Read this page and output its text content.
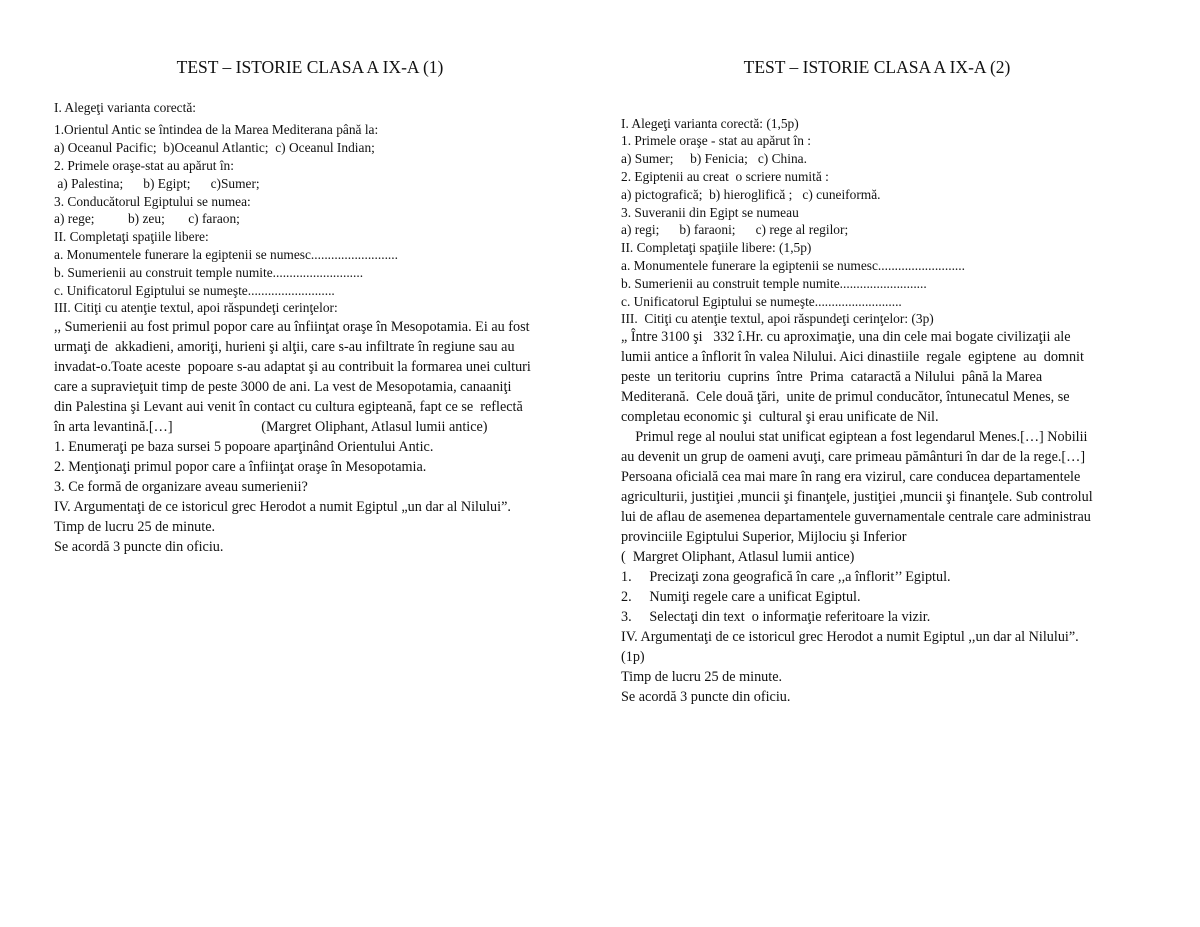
TEST – ISTORIE CLASA A IX-A (1)
I. Alegeţi varianta corectă:
1.Orientul Antic se întindea de la Marea Mediterana până la:
a) Oceanul Pacific;  b)Oceanul Atlantic;  c) Oceanul Indian;
2. Primele oraşe-stat au apărut în:
a) Palestina;      b) Egipt;      c)Sumer;
3. Conducătorul Egiptului se numea:
a) rege;          b) zeu;       c) faraon;
II. Completaţi spaţiile libere:
a. Monumentele funerare la egiptenii se numesc..........................
b. Sumerienii au construit temple numite...........................
c. Unificatorul Egiptului se numeşte..........................
III. Citiţi cu atenţie textul, apoi răspundeţi cerinţelor:
,, Sumerienii au fost primul popor care au înfiinţat oraşe în Mesopotamia. Ei au fost
urmaţi de  akkadieni, amoriţi, hurieni şi alţii, care s-au infiltrate în regiune sau au
invadat-o.Toate aceste  popoare s-au adaptat şi au contribuit la formarea unei culturi
care a supravieţuit timp de peste 3000 de ani. La vest de Mesopotamia, canaaniţi
din Palestina şi Levant aui venit în contact cu cultura egipteană, fapt ce se  reflectă
în arta levantină.[…]                         (Margret Oliphant, Atlasul lumii antice)
1. Enumeraţi pe baza sursei 5 popoare aparţinând Orientului Antic.
2. Menţionaţi primul popor care a înfiinţat oraşe în Mesopotamia.
3. Ce formă de organizare aveau sumerienii?
IV. Argumentaţi de ce istoricul grec Herodot a numit Egiptul „un dar al Nilului”.
Timp de lucru 25 de minute.
Se acordă 3 puncte din oficiu.
TEST – ISTORIE CLASA A IX-A (2)
I. Alegeţi varianta corectă: (1,5p)
1. Primele oraşe - stat au apărut în :
a) Sumer;     b) Fenicia;   c) China.
2. Egiptenii au creat  o scriere numită :
a) pictografică;  b) hieroglifică ;   c) cuneiformă.
3. Suveranii din Egipt se numeau
a) regi;      b) faraoni;      c) rege al regilor;
II. Completaţi spaţiile libere: (1,5p)
a. Monumentele funerare la egiptenii se numesc..........................
b. Sumerienii au construit temple numite..........................
c. Unificatorul Egiptului se numeşte..........................
III.  Citiţi cu atenţie textul, apoi răspundeţi cerinţelor: (3p)
„ Între 3100 şi   332 î.Hr. cu aproximaţie, una din cele mai bogate civilizaţii ale
lumii antice a înflorit în valea Nilului. Aici dinastiile  regale  egiptene  au  domnit
peste  un teritoriu  cuprins  între  Prima  cataractă a Nilului  până la Marea
Mediterană.  Cele două ţări,  unite de primul conducător, întunecatul Menes, se
completau economic şi  cultural şi erau unificate de Nil.
Primul rege al noului stat unificat egiptean a fost legendarul Menes.[…] Nobilii
au devenit un grup de oameni avuţi, care primeau pământuri în dar de la rege.[…]
Persoana oficială cea mai mare în rang era vizirul, care conducea departamentele
agriculturii, justiţiei ,muncii şi finanţele, justiţiei ,muncii şi finanţele. Sub controlul
lui de aflau de asemenea departamentele guvernamentale centrale care administrau
provinciile Egiptului Superior, Mijlociu şi Inferior
(  Margret Oliphant, Atlasul lumii antice)
1.     Precizaţi zona geografică în care ,,a înflorit’’ Egiptul.
2.     Numiţi regele care a unificat Egiptul.
3.     Selectaţi din text  o informaţie referitoare la vizir.
IV. Argumentaţi de ce istoricul grec Herodot a numit Egiptul ,,un dar al Nilului”.
(1p)
Timp de lucru 25 de minute.
Se acordă 3 puncte din oficiu.
